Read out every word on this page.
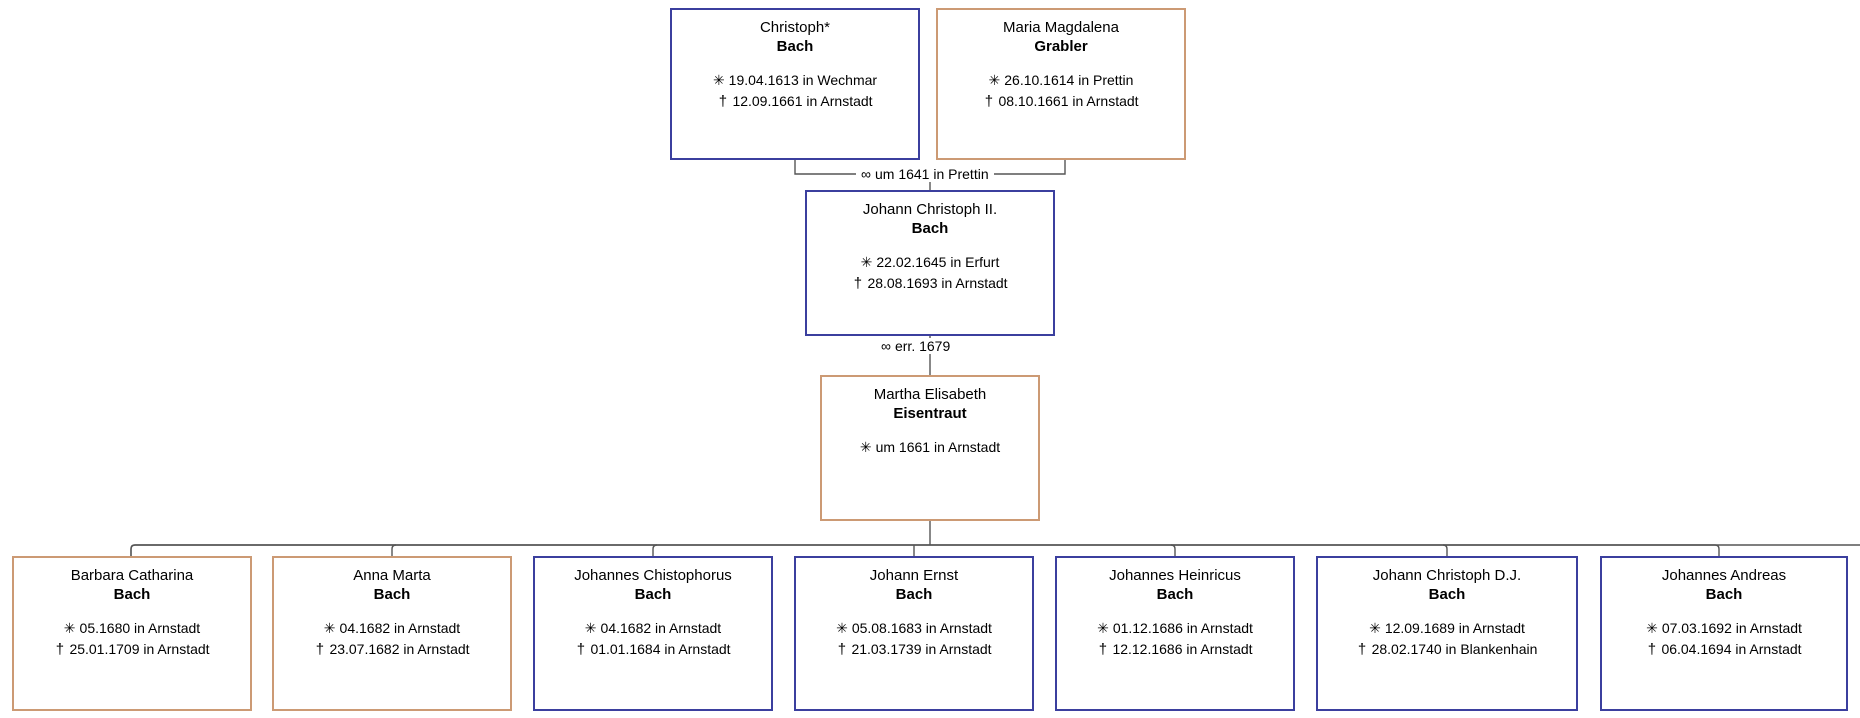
Christoph*
Bach
✳ 19.04.1613 in Wechmar
† 12.09.1661 in Arnstadt
Maria Magdalena
Grabler
✳ 26.10.1614 in Prettin
† 08.10.1661 in Arnstadt
∞ um 1641 in Prettin
Johann Christoph II.
Bach
✳ 22.02.1645 in Erfurt
† 28.08.1693 in Arnstadt
∞ err. 1679
Martha Elisabeth
Eisentraut
✳ um 1661 in Arnstadt
Barbara Catharina
Bach
✳ 05.1680 in Arnstadt
† 25.01.1709 in Arnstadt
Anna Marta
Bach
✳ 04.1682 in Arnstadt
† 23.07.1682 in Arnstadt
Johannes Chistophorus
Bach
✳ 04.1682 in Arnstadt
† 01.01.1684 in Arnstadt
Johann Ernst
Bach
✳ 05.08.1683 in Arnstadt
† 21.03.1739 in Arnstadt
Johannes Heinricus
Bach
✳ 01.12.1686 in Arnstadt
† 12.12.1686 in Arnstadt
Johann Christoph D.J.
Bach
✳ 12.09.1689 in Arnstadt
† 28.02.1740 in Blankenhain
Johannes Andreas
Bach
✳ 07.03.1692 in Arnstadt
† 06.04.1694 in Arnstadt
